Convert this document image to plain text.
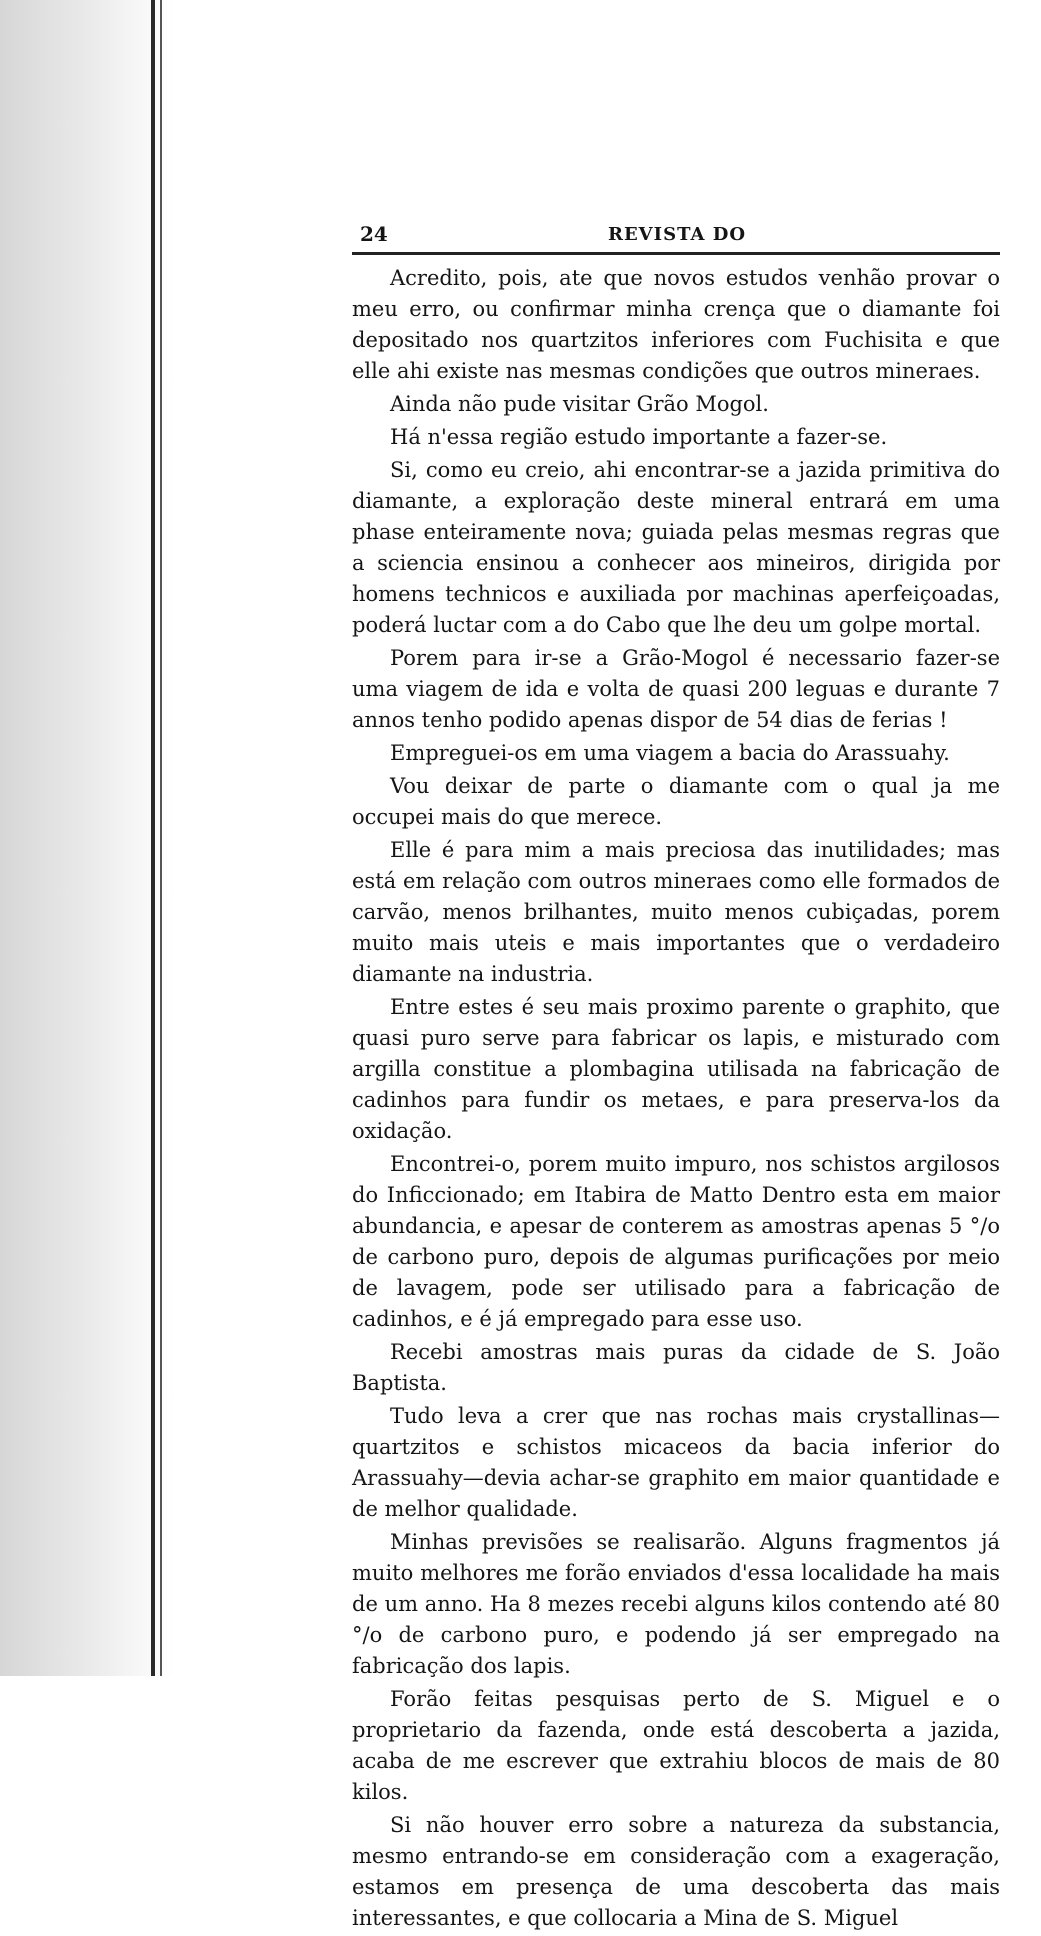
24	REVISTA DO

Acredito, pois, ate que novos estudos venhão provar o meu erro, ou confirmar minha crença que o diamante foi depositado nos quartzitos inferiores com Fuchisita e que elle ahi existe nas mesmas condições que outros mineraes.

Ainda não pude visitar Grão Mogol.

Há n'essa região estudo importante a fazer-se.

Si, como eu creio, ahi encontrar-se a jazida primitiva do diamante, a exploração deste mineral entrará em uma phase enteiramente nova; guiada pelas mesmas regras que a sciencia ensinou a conhecer aos mineiros, dirigida por homens technicos e auxiliada por machinas aperfeiçoadas, poderá luctar com a do Cabo que lhe deu um golpe mortal.

Porem para ir-se a Grão-Mogol é necessario fazer-se uma viagem de ida e volta de quasi 200 leguas e durante 7 annos tenho podido apenas dispor de 54 dias de ferias !

Empreguei-os em uma viagem a bacia do Arassuahy.

Vou deixar de parte o diamante com o qual ja me occupei mais do que merece.

Elle é para mim a mais preciosa das inutilidades; mas está em relação com outros mineraes como elle formados de carvão, menos brilhantes, muito menos cubiçadas, porem muito mais uteis e mais importantes que o verdadeiro diamante na industria.

Entre estes é seu mais proximo parente o graphito, que quasi puro serve para fabricar os lapis, e misturado com argilla constitue a plombagina utilisada na fabricação de cadinhos para fundir os metaes, e para preserva-los da oxidação.

Encontrei-o, porem muito impuro, nos schistos argilosos do Inficcionado; em Itabira de Matto Dentro esta em maior abundancia, e apesar de conterem as amostras apenas 5 °/o de carbono puro, depois de algumas purificações por meio de lavagem, pode ser utilisado para a fabricação de cadinhos, e é já empregado para esse uso.

Recebi amostras mais puras da cidade de S. João Baptista.

Tudo leva a crer que nas rochas mais crystallinas—quartzitos e schistos micaceos da bacia inferior do Arassuahy—devia achar-se graphito em maior quantidade e de melhor qualidade.

Minhas previsões se realisarão. Alguns fragmentos já muito melhores me forão enviados d'essa localidade ha mais de um anno. Ha 8 mezes recebi alguns kilos contendo até 80 °/o de carbono puro, e podendo já ser empregado na fabricação dos lapis.

Forão feitas pesquisas perto de S. Miguel e o proprietario da fazenda, onde está descoberta a jazida, acaba de me escrever que extrahiu blocos de mais de 80 kilos.

Si não houver erro sobre a natureza da substancia, mesmo entrando-se em consideração com a exageração, estamos em presença de uma descoberta das mais interessantes, e que collocaria a Mina de S. Miguel
